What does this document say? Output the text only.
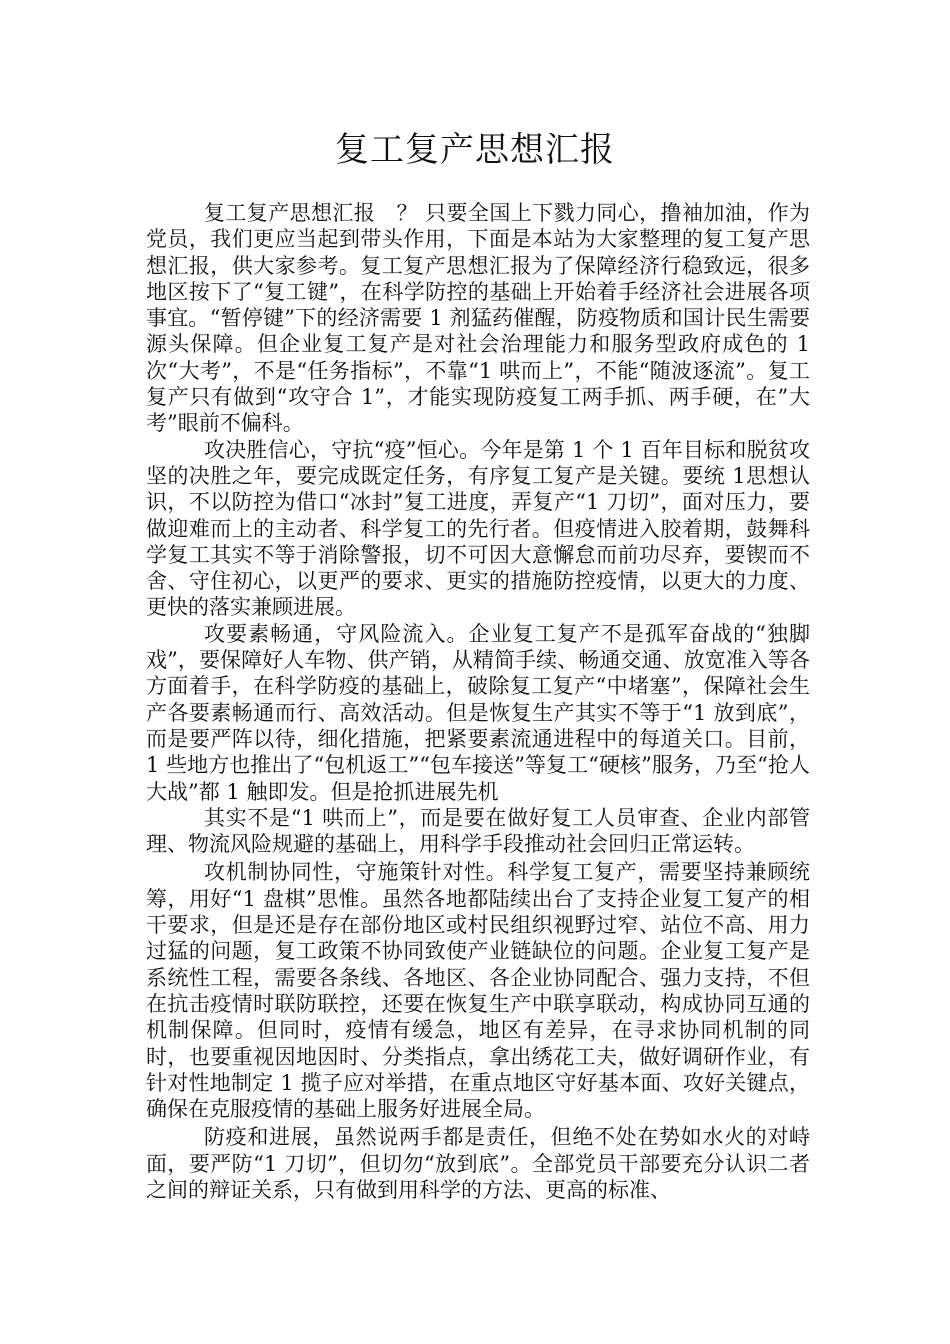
复工复产思想汇报

复工复产思想汇报　？ 只要全国上下戮力同心，撸袖加油，作为党员，我们更应当起到带头作用，下面是本站为大家整理的复工复产思想汇报，供大家参考。复工复产思想汇报为了保障经济行稳致远，很多地区按下了“复工键”，在科学防控的基础上开始着手经济社会进展各项事宜。“暂停键”下的经济需要 1 剂猛药催醒，防疫物质和国计民生需要源头保障。但企业复工复产是对社会治理能力和服务型政府成色的 1 次“大考”，不是“任务指标”，不靠“1 哄而上”，不能“随波逐流”。复工复产只有做到“攻守合 1”，才能实现防疫复工两手抓、两手硬，在”大考”眼前不偏科。

攻决胜信心，守抗“疫”恒心。今年是第 1 个 1 百年目标和脱贫攻坚的决胜之年，要完成既定任务，有序复工复产是关键。要统 1思想认识，不以防控为借口“冰封”复工进度，弄复产“1 刀切”，面对压力，要做迎难而上的主动者、科学复工的先行者。但疫情进入胶着期，鼓舞科学复工其实不等于消除警报，切不可因大意懈怠而前功尽弃，要锲而不舍、守住初心，以更严的要求、更实的措施防控疫情，以更大的力度、更快的落实兼顾进展。

攻要素畅通，守风险流入。企业复工复产不是孤军奋战的“独脚戏”，要保障好人车物、供产销，从精简手续、畅通交通、放宽准入等各方面着手，在科学防疫的基础上，破除复工复产“中堵塞”，保障社会生产各要素畅通而行、高效活动。但是恢复生产其实不等于“1 放到底”，而是要严阵以待，细化措施，把紧要素流通进程中的每道关口。目前，1 些地方也推出了“包机返工”“包车接送”等复工“硬核”服务，乃至“抢人大战”都 1 触即发。但是抢抓进展先机

其实不是“1 哄而上”，而是要在做好复工人员审查、企业内部管理、物流风险规避的基础上，用科学手段推动社会回归正常运转。

攻机制协同性，守施策针对性。科学复工复产，需要坚持兼顾统筹，用好“1 盘棋”思惟。虽然各地都陆续出台了支持企业复工复产的相干要求，但是还是存在部份地区或村民组织视野过窄、站位不高、用力过猛的问题，复工政策不协同致使产业链缺位的问题。企业复工复产是系统性工程，需要各条线、各地区、各企业协同配合、强力支持，不但在抗击疫情时联防联控，还要在恢复生产中联享联动，构成协同互通的机制保障。但同时，疫情有缓急，地区有差异，在寻求协同机制的同时，也要重视因地因时、分类指点，拿出绣花工夫，做好调研作业，有针对性地制定 1 揽子应对举措，在重点地区守好基本面、攻好关键点，确保在克服疫情的基础上服务好进展全局。

防疫和进展，虽然说两手都是责任，但绝不处在势如水火的对峙面，要严防“1 刀切”，但切勿“放到底”。全部党员干部要充分认识二者之间的辩证关系，只有做到用科学的方法、更高的标准、
